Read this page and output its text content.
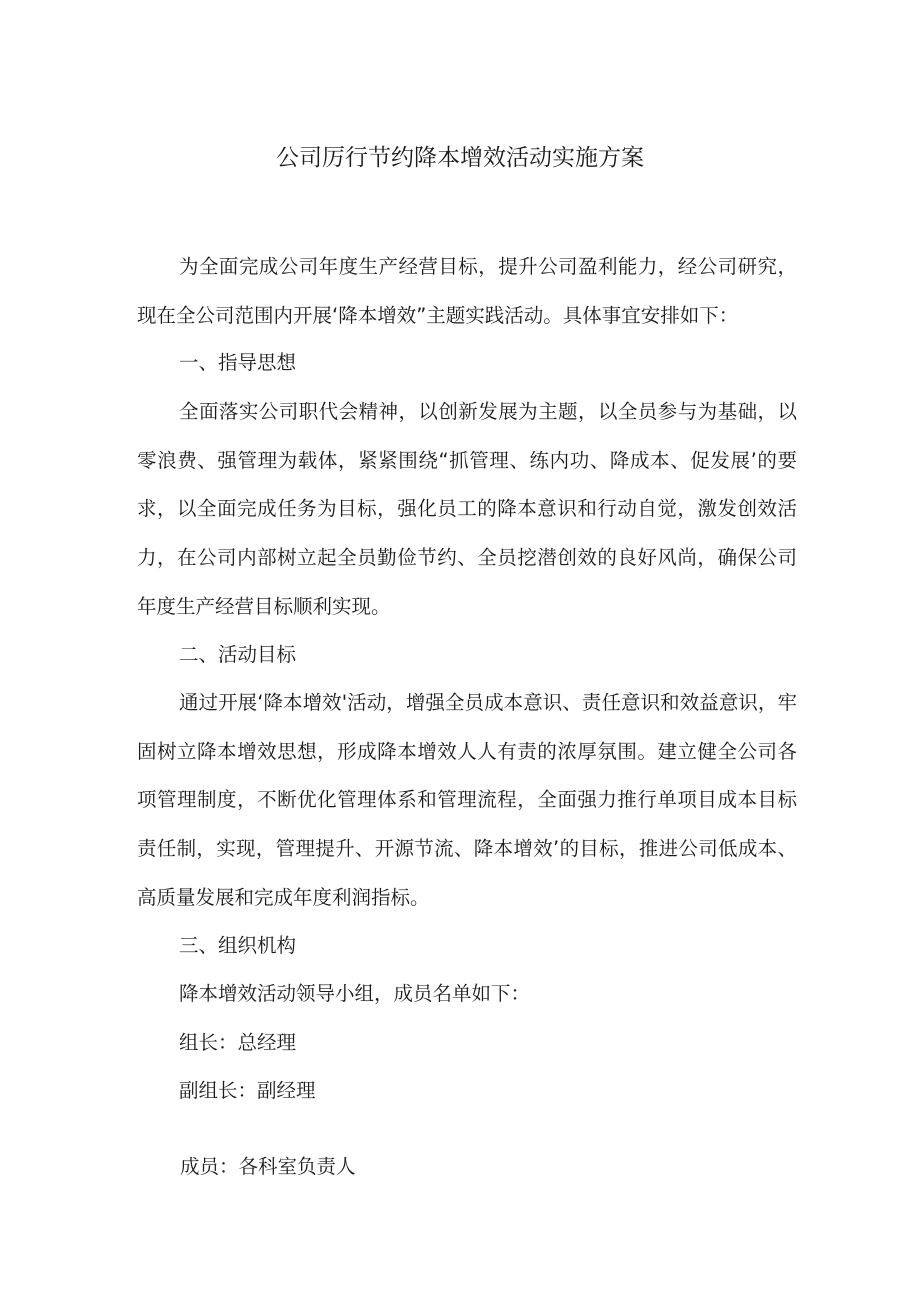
公司厉行节约降本增效活动实施方案

为全面完成公司年度生产经营目标，提升公司盈利能力，经公司研究，现在全公司范围内开展‘降本增效”主题实践活动。具体事宜安排如下：

一、指导思想

全面落实公司职代会精神，以创新发展为主题，以全员参与为基础，以零浪费、强管理为载体，紧紧围绕“抓管理、练内功、降成本、促发展’的要求，以全面完成任务为目标，强化员工的降本意识和行动自觉，激发创效活力，在公司内部树立起全员勤俭节约、全员挖潜创效的良好风尚，确保公司年度生产经营目标顺利实现。

二、活动目标

通过开展‘降本增效'活动，增强全员成本意识、责任意识和效益意识，牢固树立降本增效思想，形成降本增效人人有责的浓厚氛围。建立健全公司各项管理制度，不断优化管理体系和管理流程，全面强力推行单项目成本目标责任制，实现，管理提升、开源节流、降本增效’的目标，推进公司低成本、高质量发展和完成年度利润指标。

三、组织机构

降本增效活动领导小组，成员名单如下：

组长：总经理

副组长：副经理

成员：各科室负责人
